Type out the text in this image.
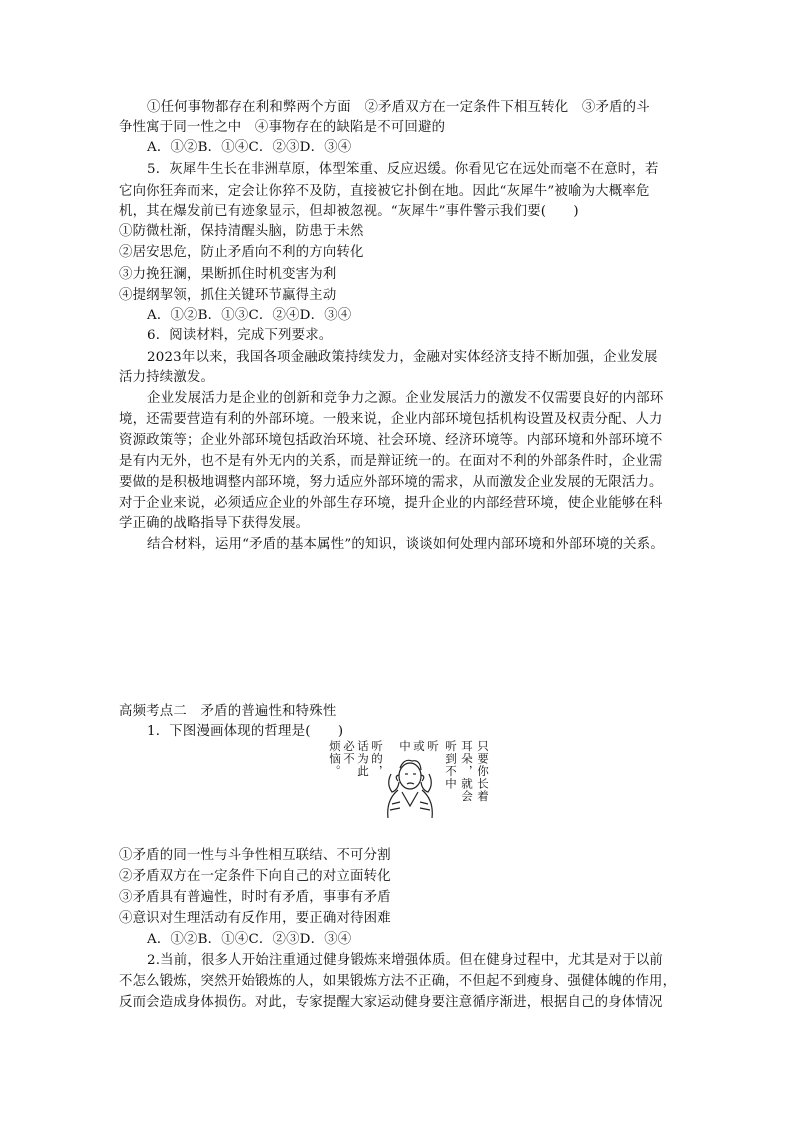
①任何事物都存在利和弊两个方面　②矛盾双方在一定条件下相互转化　③矛盾的斗
争性寓于同一性之中　④事物存在的缺陷是不可回避的
A．①②B．①④C．②③D．③④
5．灰犀牛生长在非洲草原，体型笨重、反应迟缓。你看见它在远处而毫不在意时，若
它向你狂奔而来，定会让你猝不及防，直接被它扑倒在地。因此“灰犀牛”被喻为大概率危
机，其在爆发前已有迹象显示，但却被忽视。“灰犀牛”事件警示我们要(　　)
①防微杜渐，保持清醒头脑，防患于未然
②居安思危，防止矛盾向不利的方向转化
③力挽狂澜，果断抓住时机变害为利
④提纲挈领，抓住关键环节赢得主动
A．①②B．①③C．②④D．③④
6．阅读材料，完成下列要求。
2023年以来，我国各项金融政策持续发力，金融对实体经济支持不断加强，企业发展
活力持续激发。
企业发展活力是企业的创新和竞争力之源。企业发展活力的激发不仅需要良好的内部环
境，还需要营造有利的外部环境。一般来说，企业内部环境包括机构设置及权责分配、人力
资源政策等；企业外部环境包括政治环境、社会环境、经济环境等。内部环境和外部环境不
是有内无外，也不是有外无内的关系，而是辩证统一的。在面对不利的外部条件时，企业需
要做的是积极地调整内部环境，努力适应外部环境的需求，从而激发企业发展的无限活力。
对于企业来说，必须适应企业的外部生存环境，提升企业的内部经营环境，使企业能够在科
学正确的战略指导下获得发展。
结合材料，运用“矛盾的基本属性”的知识，谈谈如何处理内部环境和外部环境的关系。
高频考点二　矛盾的普遍性和特殊性
1．下图漫画体现的哲理是(　　)
烦恼。 必不 话为此 听的， 中 或 听 听到不中 耳朵，就会 只要你长着
①矛盾的同一性与斗争性相互联结、不可分割
②矛盾双方在一定条件下向自己的对立面转化
③矛盾具有普遍性，时时有矛盾，事事有矛盾
④意识对生理活动有反作用，要正确对待困难
A．①②B．①④C．②③D．③④
2.当前，很多人开始注重通过健身锻炼来增强体质。但在健身过程中，尤其是对于以前
不怎么锻炼，突然开始锻炼的人，如果锻炼方法不正确，不但起不到瘦身、强健体魄的作用，
反而会造成身体损伤。对此，专家提醒大家运动健身要注意循序渐进，根据自己的身体情况
